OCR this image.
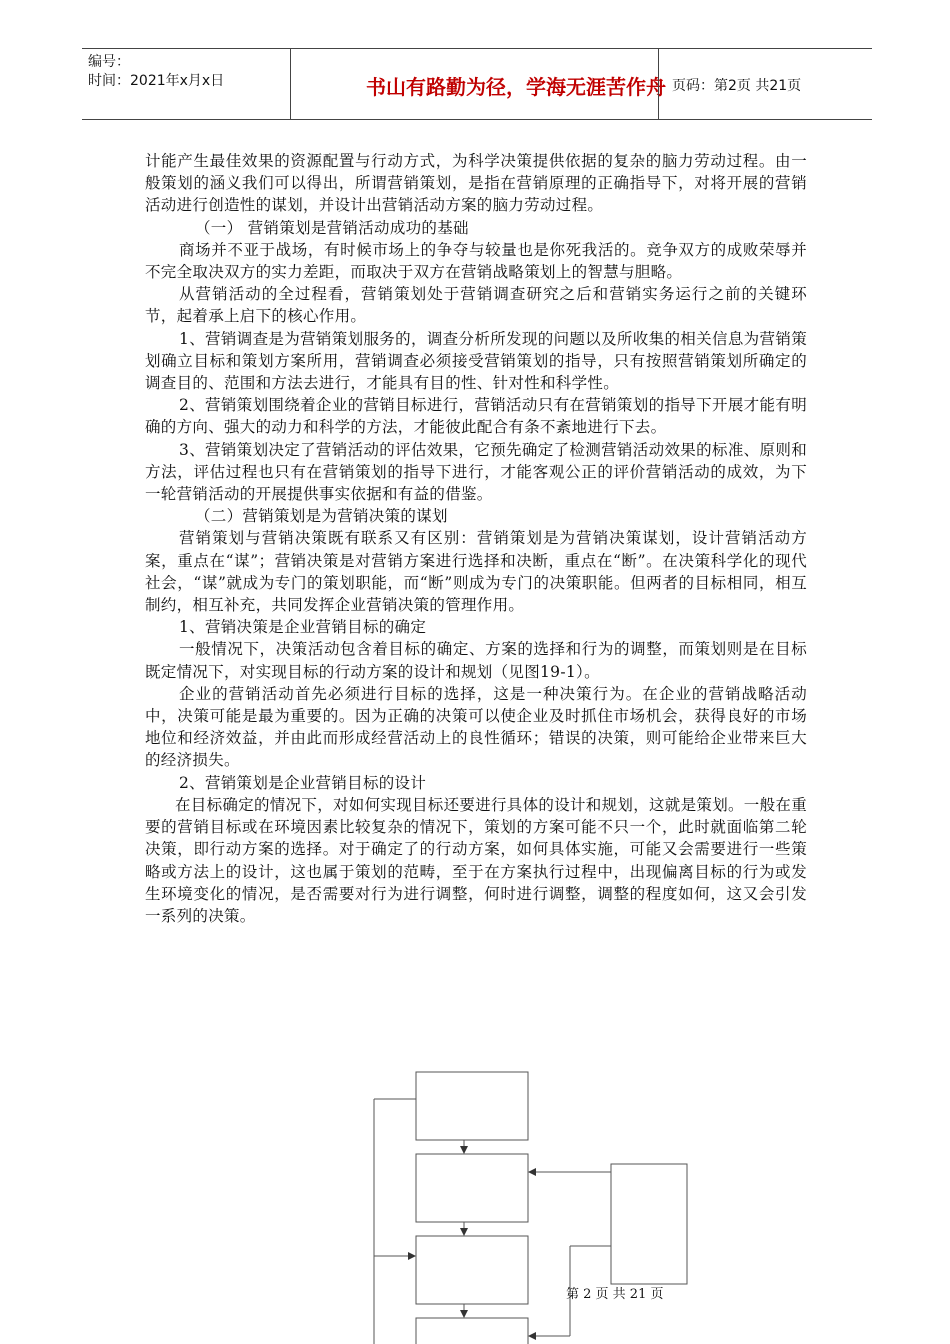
编号：
时间：2021年x月x日	书山有路勤为径，学海无涯苦作舟 页码：第2页 共21页

计能产生最佳效果的资源配置与行动方式，为科学决策提供依据的复杂的脑力劳动过程。由一般策划的涵义我们可以得出，所谓营销策划，是指在营销原理的正确指导下，对将开展的营销活动进行创造性的谋划，并设计出营销活动方案的脑力劳动过程。

（一） 营销策划是营销活动成功的基础

商场并不亚于战场，有时候市场上的争夺与较量也是你死我活的。竞争双方的成败荣辱并不完全取决双方的实力差距，而取决于双方在营销战略策划上的智慧与胆略。

从营销活动的全过程看，营销策划处于营销调查研究之后和营销实务运行之前的关键环节，起着承上启下的核心作用。

1、营销调查是为营销策划服务的，调查分析所发现的问题以及所收集的相关信息为营销策划确立目标和策划方案所用，营销调查必须接受营销策划的指导，只有按照营销策划所确定的调查目的、范围和方法去进行，才能具有目的性、针对性和科学性。

2、营销策划围绕着企业的营销目标进行，营销活动只有在营销策划的指导下开展才能有明确的方向、强大的动力和科学的方法，才能彼此配合有条不紊地进行下去。

3、营销策划决定了营销活动的评估效果，它预先确定了检测营销活动效果的标准、原则和方法，评估过程也只有在营销策划的指导下进行，才能客观公正的评价营销活动的成效，为下一轮营销活动的开展提供事实依据和有益的借鉴。

（二）营销策划是为营销决策的谋划

营销策划与营销决策既有联系又有区别：营销策划是为营销决策谋划，设计营销活动方案，重点在“谋”；营销决策是对营销方案进行选择和决断，重点在“断”。在决策科学化的现代社会，“谋”就成为专门的策划职能，而“断”则成为专门的决策职能。但两者的目标相同，相互制约，相互补充，共同发挥企业营销决策的管理作用。

1、营销决策是企业营销目标的确定

一般情况下，决策活动包含着目标的确定、方案的选择和行为的调整，而策划则是在目标既定情况下，对实现目标的行动方案的设计和规划（见图19-1）。

企业的营销活动首先必须进行目标的选择，这是一种决策行为。在企业的营销战略活动中，决策可能是最为重要的。因为正确的决策可以使企业及时抓住市场机会，获得良好的市场地位和经济效益，并由此而形成经营活动上的良性循环；错误的决策，则可能给企业带来巨大的经济损失。

2、营销策划是企业营销目标的设计

在目标确定的情况下，对如何实现目标还要进行具体的设计和规划，这就是策划。一般在重要的营销目标或在环境因素比较复杂的情况下，策划的方案可能不只一个，此时就面临第二轮决策，即行动方案的选择。对于确定了的行动方案，如何具体实施，可能又会需要进行一些策略或方法上的设计，这也属于策划的范畴，至于在方案执行过程中，出现偏离目标的行为或发生环境变化的情况，是否需要对行为进行调整，何时进行调整，调整的程度如何，这又会引发一系列的决策。

第 2 页 共 21 页
